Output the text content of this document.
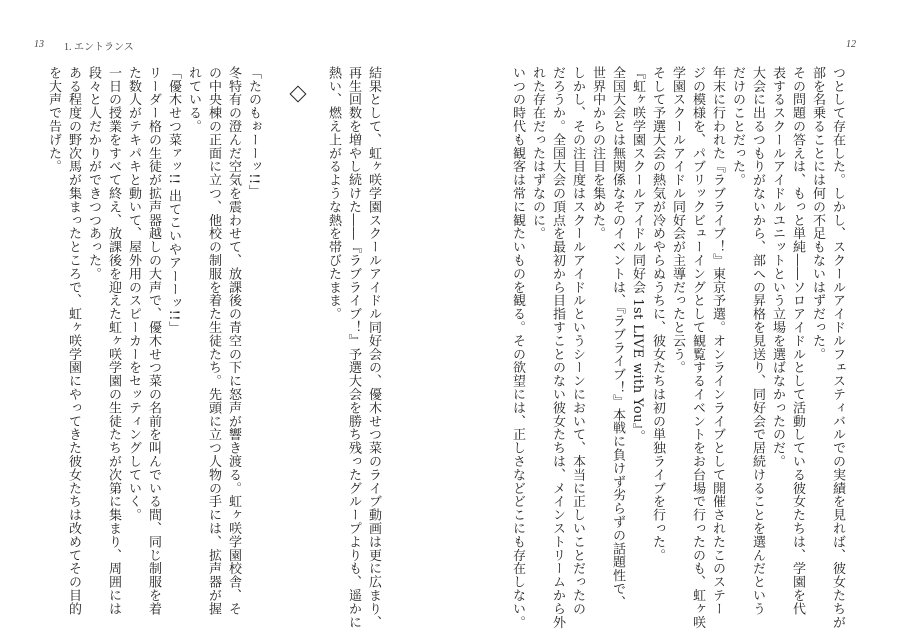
13 1. エントランス	12
つとして存在した。しかし、スクールアイドルフェスティバルでの実績を見れば、彼女たちが
部を名乗ることには何の不足もないはずだった。
その問題の答えは、もっと単純――ソロアイドルとして活動している彼女たちは、学園を代
表するスクールアイドルユニットという立場を選ばなかったのだ。
大会に出るつもりがないから、部への昇格を見送り、同好会で居続けることを選んだという
だけのことだった。
年末に行われた『ラブライブ！』東京予選。オンラインライブとして開催されたこのステー
ジの模様を、パブリックビューイングとして観覧するイベントをお台場で行ったのも、虹ヶ咲
学園スクールアイドル同好会が主導だったと云う。
そして予選大会の熱気が冷めやらぬうちに、彼女たちは初の単独ライブを行った。
『虹ヶ咲学園スクールアイドル同好会 1st LIVE with You』。
全国大会とは無関係なそのイベントは、『ラブライブ！』本戦に負けず劣らずの話題性で、
世界中からの注目を集めた。
しかし、その注目度はスクールアイドルというシーンにおいて、本当に正しいことだったの
だろうか。全国大会の頂点を最初から目指すことのない彼女たちは、メインストリームから外
れた存在だったはずなのに。
いつの時代も観客は常に観たいものを観る。その欲望には、正しさなどどこにも存在しない。
結果として、虹ヶ咲学園スクールアイドル同好会の、優木せつ菜のライブ動画は更に広まり、
再生回数を増やし続けた――『ラブライブ！』予選大会を勝ち残ったグループよりも、遥かに
熱い、燃え上がるような熱を帯びたまま。
「たのもぉーーッ!!」
冬特有の澄んだ空気を震わせて、放課後の青空の下に怒声が響き渡る。虹ヶ咲学園校舎、そ
の中央棟の正面に立つ、他校の制服を着た生徒たち。先頭に立つ人物の手には、拡声器が握
れている。
「優木せつ菜ァッ!! 出てこいやアーーッ!!」
リーダー格の生徒が拡声器越しの大声で、優木せつ菜の名前を叫んでいる間、同じ制服を着
た数人がテキパキと動いて、屋外用のスピーカーをセッティングしていく。
一日の授業をすべて終え、放課後を迎えた虹ヶ咲学園の生徒たちが次第に集まり、周囲には
段々と人だかりができつつあった。
ある程度の野次馬が集まったところで、虹ヶ咲学園にやってきた彼女たちは改めてその目的
を大声で告げた。
